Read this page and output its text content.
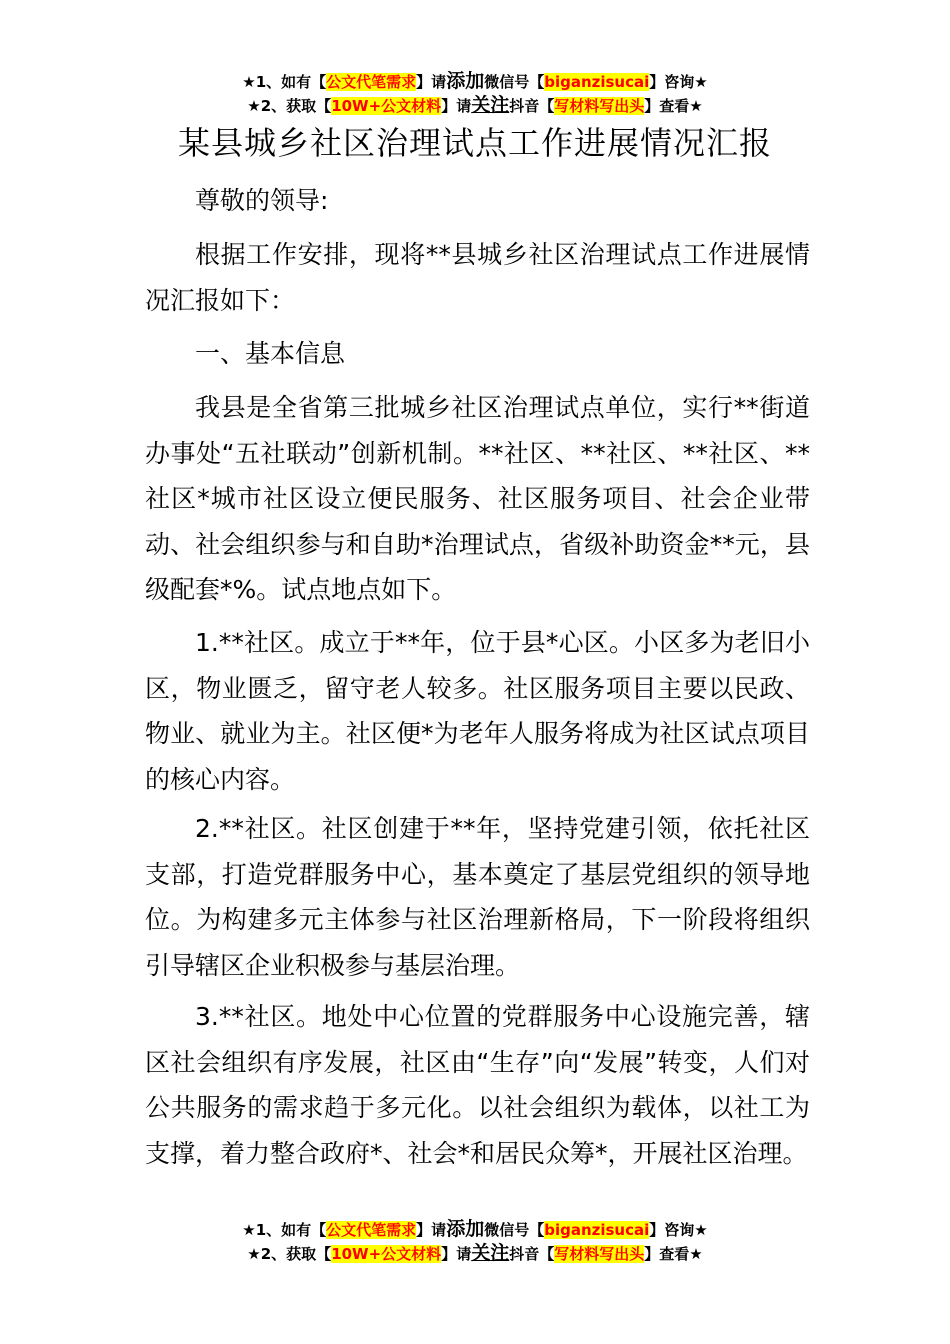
★1、如有【公文代笔需求】请添加微信号【biganzisucai】咨询★
★2、获取【10W+公文材料】请关注抖音【写材料写出头】查看★
某县城乡社区治理试点工作进展情况汇报

尊敬的领导:

根据工作安排，现将**县城乡社区治理试点工作进展情况汇报如下：

一、基本信息

我县是全省第三批城乡社区治理试点单位，实行**街道办事处“五社联动”创新机制。**社区、**社区、**社区、**社区*城市社区设立便民服务、社区服务项目、社会企业带动、社会组织参与和自助*治理试点，省级补助资金**元，县级配套*%。试点地点如下。

1.**社区。成立于**年，位于县*心区。小区多为老旧小区，物业匮乏，留守老人较多。社区服务项目主要以民政、物业、就业为主。社区便*为老年人服务将成为社区试点项目的核心内容。

2.**社区。社区创建于**年，坚持党建引领，依托社区支部，打造党群服务中心，基本奠定了基层党组织的领导地位。为构建多元主体参与社区治理新格局，下一阶段将组织引导辖区企业积极参与基层治理。

3.**社区。地处中心位置的党群服务中心设施完善，辖区社会组织有序发展，社区由“生存”向“发展”转变，人们对公共服务的需求趋于多元化。以社会组织为载体，以社工为支撑，着力整合政府*、社会*和居民众筹*，开展社区治理。

★1、如有【公文代笔需求】请添加微信号【biganzisucai】咨询★
★2、获取【10W+公文材料】请关注抖音【写材料写出头】查看★
